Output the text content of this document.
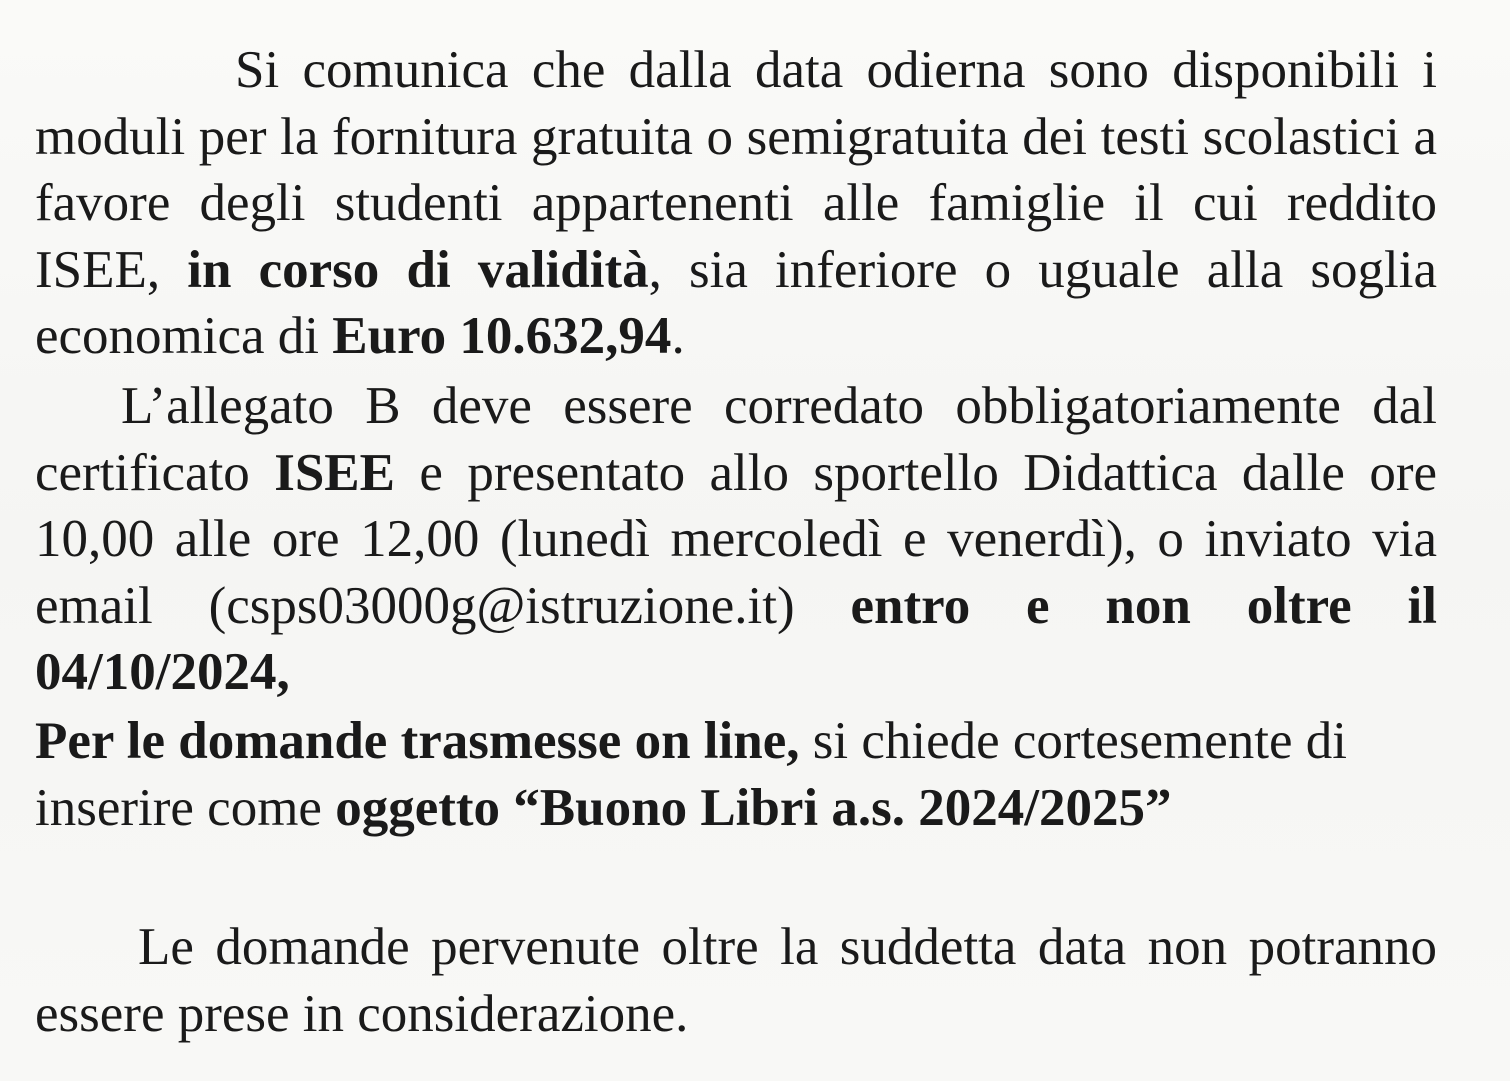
Si comunica che dalla data odierna sono disponibili i moduli per la fornitura gratuita o semigratuita dei testi scolastici a favore degli studenti appartenenti alle famiglie il cui reddito ISEE, in corso di validità, sia inferiore o uguale alla soglia economica di Euro 10.632,94.

L’allegato B deve essere corredato obbligatoriamente dal certificato ISEE e presentato allo sportello Didattica dalle ore 10,00 alle ore 12,00 (lunedì mercoledì e venerdì), o inviato via email (csps03000g@istruzione.it) entro e non oltre il 04/10/2024,

Per le domande trasmesse on line, si chiede cortesemente di inserire come oggetto “Buono Libri a.s. 2024/2025”

Le domande pervenute oltre la suddetta data non potranno essere prese in considerazione.
